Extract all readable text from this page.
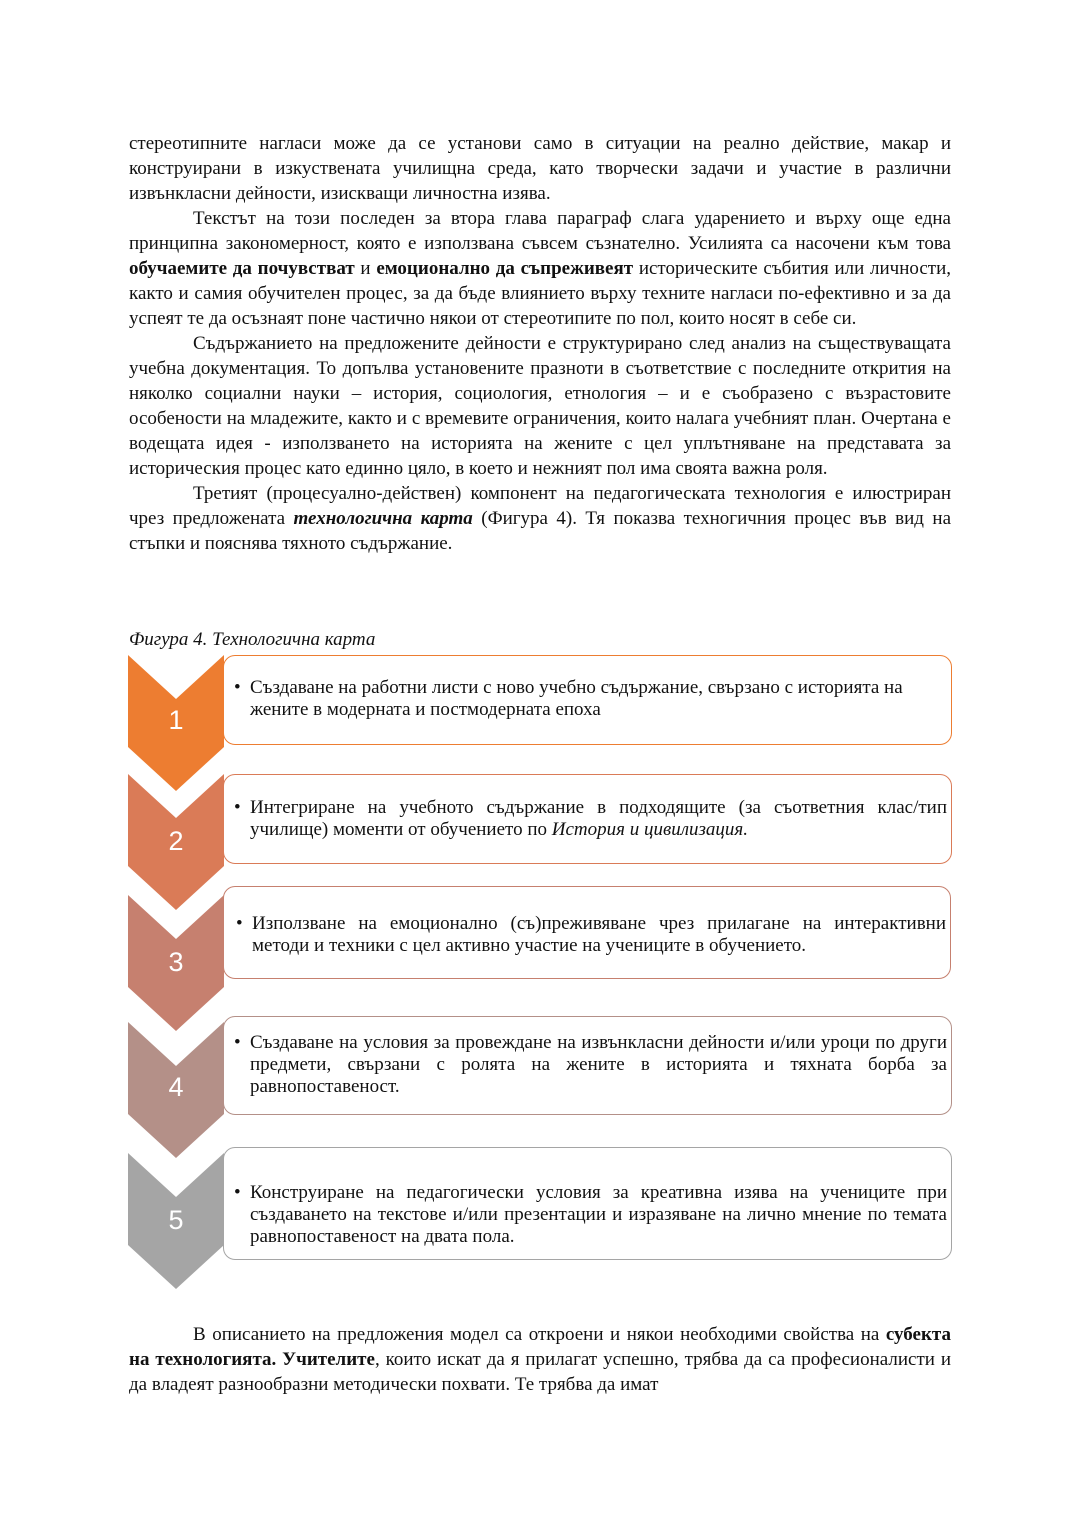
стереотипните нагласи може да се установи само в ситуации на реално действие, макар и конструирани в изкуствената училищна среда, като творчески задачи и участие в различни извънкласни дейности, изискващи личностна изява.

Текстът на този последен за втора глава параграф слага ударението и върху още една принципна закономерност, която е използвана съвсем съзнателно. Усилията са насочени към това обучаемите да почувстват и емоционално да съпреживеят историческите събития или личности, както и самия обучителен процес, за да бъде влиянието върху техните нагласи по-ефективно и за да успеят те да осъзнаят поне частично някои от стереотипите по пол, които носят в себе си.

Съдържанието на предложените дейности е структурирано след анализ на съществуващата учебна документация. То допълва установените празноти в съответствие с последните открития на няколко социални науки – история, социология, етнология – и е съобразено с възрастовите особености на младежите, както и с времевите ограничения, които налага учебният план. Очертана е водещата идея - използването на историята на жените с цел уплътняване на представата за историческия процес като единно цяло, в което и нежният пол има своята важна роля.

Третият (процесуално-действен) компонент на педагогическата технология е илюстриран чрез предложената технологична карта (Фигура 4). Тя показва техногичния процес във вид на стъпки и пояснява тяхното съдържание.

Фигура 4. Технологична карта
1
• Създаване на работни листи с ново учебно съдържание, свързано с историята на жените в модерната и постмодерната епоха
2
• Интегриране на учебното съдържание в подходящите (за съответния клас/тип училище) моменти от обучението по История и цивилизация.
3
• Използване на емоционално (съ)преживяване чрез прилагане на интерактивни методи и техники с цел активно участие на учениците в обучението.
4
• Създаване на условия за провеждане на извънкласни дейности и/или уроци по други предмети, свързани с ролята на жените в историята и тяхната борба за равнопоставеност.
5
• Конструиране на педагогически условия за креативна изява на учениците при създаването на текстове и/или презентации и изразяване на лично мнение по темата равнопоставеност на двата пола.

В описанието на предложения модел са откроени и някои необходими свойства на субекта на технологията. Учителите, които искат да я прилагат успешно, трябва да са професионалисти и да владеят разнообразни методически похвати. Те трябва да имат
